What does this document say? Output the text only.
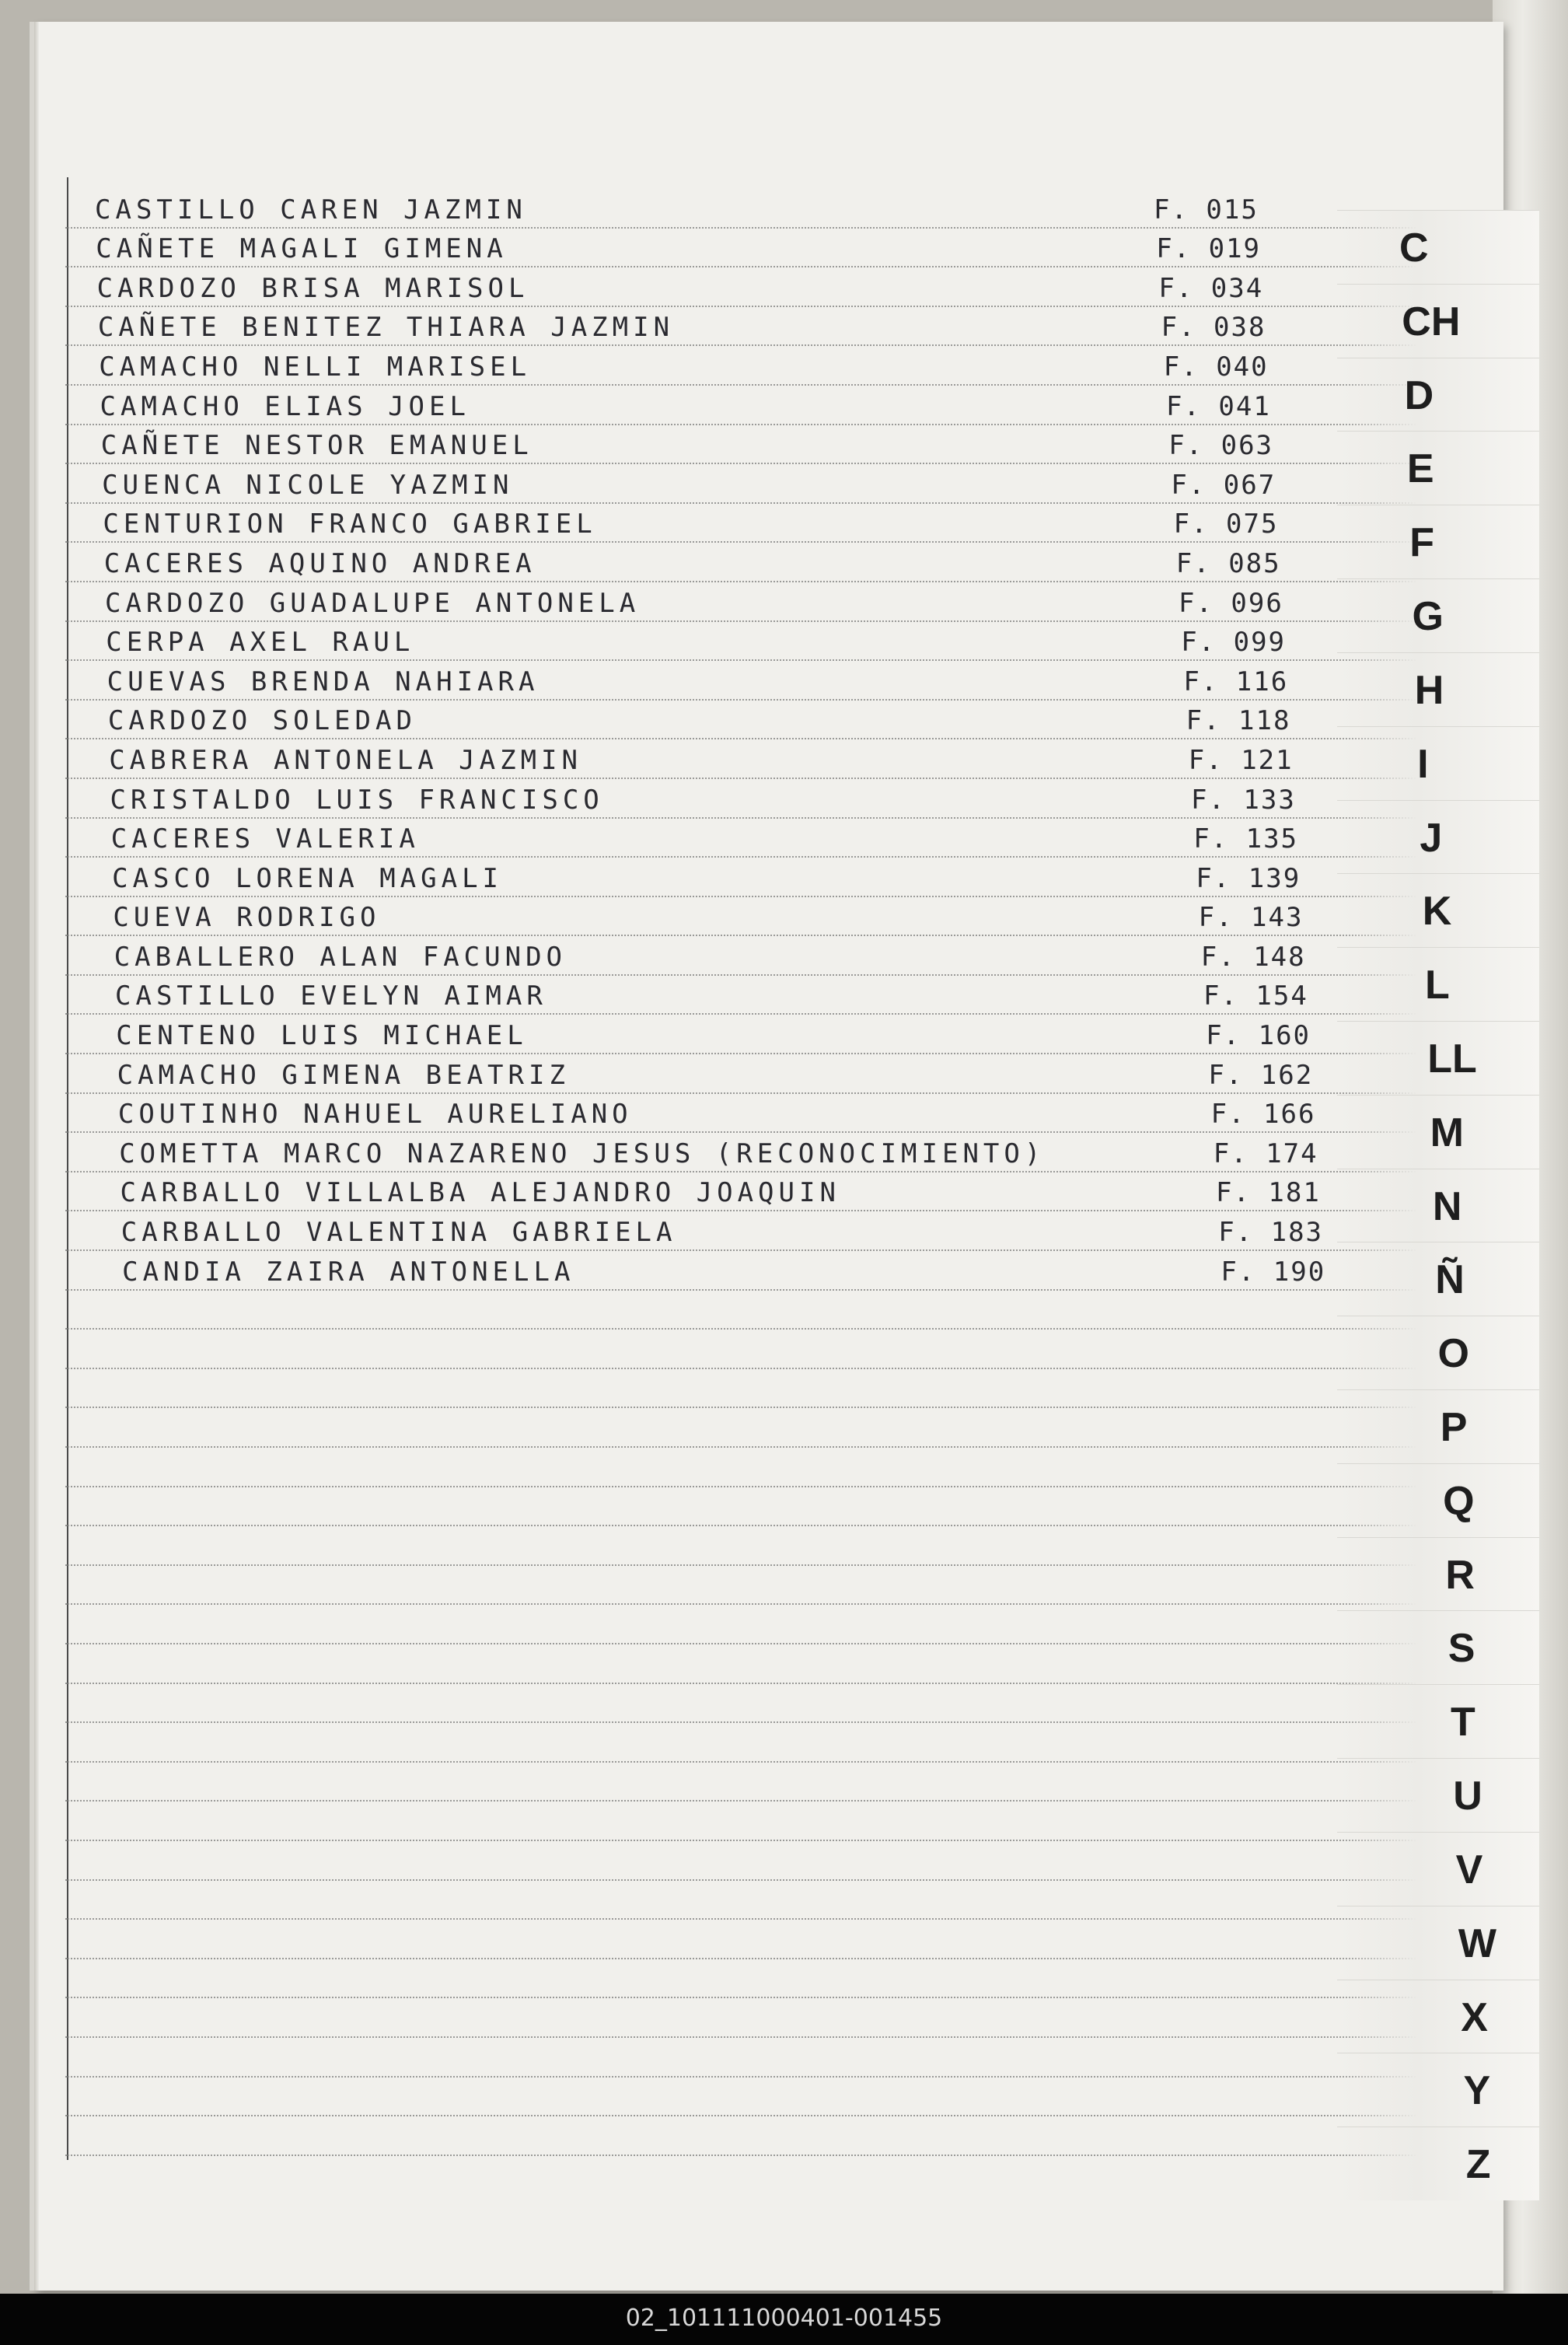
CASTILLO CAREN JAZMIN	F. 015
CAÑETE MAGALI GIMENA	F. 019
CARDOZO BRISA MARISOL	F. 034
CAÑETE BENITEZ THIARA JAZMIN	F. 038
CAMACHO NELLI MARISEL	F. 040
CAMACHO ELIAS JOEL	F. 041
CAÑETE NESTOR EMANUEL	F. 063
CUENCA NICOLE YAZMIN	F. 067
CENTURION FRANCO GABRIEL	F. 075
CACERES AQUINO ANDREA	F. 085
CARDOZO GUADALUPE ANTONELA	F. 096
CERPA AXEL RAUL	F. 099
CUEVAS BRENDA NAHIARA	F. 116
CARDOZO SOLEDAD	F. 118
CABRERA ANTONELA JAZMIN	F. 121
CRISTALDO LUIS FRANCISCO	F. 133
CACERES VALERIA	F. 135
CASCO LORENA MAGALI	F. 139
CUEVA RODRIGO	F. 143
CABALLERO ALAN FACUNDO	F. 148
CASTILLO EVELYN AIMAR	F. 154
CENTENO LUIS MICHAEL	F. 160
CAMACHO GIMENA BEATRIZ	F. 162
COUTINHO NAHUEL AURELIANO	F. 166
COMETTA MARCO NAZARENO JESUS (RECONOCIMIENTO)	F. 174
CARBALLO VILLALBA ALEJANDRO JOAQUIN	F. 181
CARBALLO VALENTINA GABRIELA	F. 183
CANDIA ZAIRA ANTONELLA	F. 190
C
CH
D
E
F
G
H
I
J
K
L
LL
M
N
Ñ
O
P
Q
R
S
T
U
V
W
X
Y
Z
02_101111000401-001455
